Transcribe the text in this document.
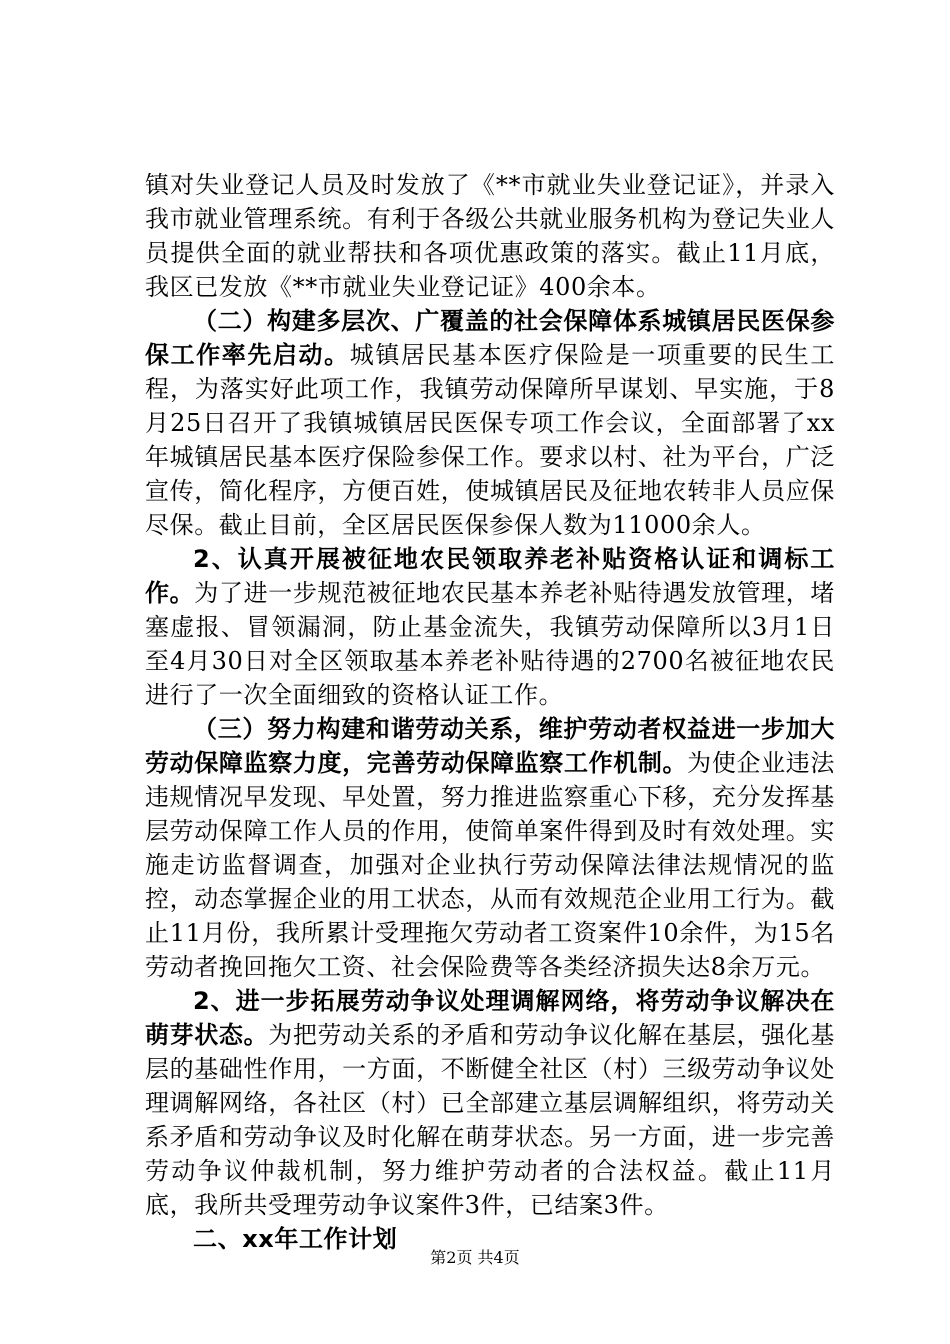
镇对失业登记人员及时发放了《**市就业失业登记证》，并录入我市就业管理系统。有利于各级公共就业服务机构为登记失业人员提供全面的就业帮扶和各项优惠政策的落实。截止11月底，我区已发放《**市就业失业登记证》400余本。

（二）构建多层次、广覆盖的社会保障体系城镇居民医保参保工作率先启动。城镇居民基本医疗保险是一项重要的民生工程，为落实好此项工作，我镇劳动保障所早谋划、早实施，于8月25日召开了我镇城镇居民医保专项工作会议，全面部署了xx年城镇居民基本医疗保险参保工作。要求以村、社为平台，广泛宣传，简化程序，方便百姓，使城镇居民及征地农转非人员应保尽保。截止目前，全区居民医保参保人数为11000余人。

2、认真开展被征地农民领取养老补贴资格认证和调标工作。为了进一步规范被征地农民基本养老补贴待遇发放管理，堵塞虚报、冒领漏洞，防止基金流失，我镇劳动保障所以3月1日至4月30日对全区领取基本养老补贴待遇的2700名被征地农民进行了一次全面细致的资格认证工作。

（三）努力构建和谐劳动关系，维护劳动者权益进一步加大劳动保障监察力度，完善劳动保障监察工作机制。为使企业违法违规情况早发现、早处置，努力推进监察重心下移，充分发挥基层劳动保障工作人员的作用，使简单案件得到及时有效处理。实施走访监督调查，加强对企业执行劳动保障法律法规情况的监控，动态掌握企业的用工状态，从而有效规范企业用工行为。截止11月份，我所累计受理拖欠劳动者工资案件10余件，为15名劳动者挽回拖欠工资、社会保险费等各类经济损失达8余万元。

2、进一步拓展劳动争议处理调解网络，将劳动争议解决在萌芽状态。为把劳动关系的矛盾和劳动争议化解在基层，强化基层的基础性作用，一方面，不断健全社区（村）三级劳动争议处理调解网络，各社区（村）已全部建立基层调解组织，将劳动关系矛盾和劳动争议及时化解在萌芽状态。另一方面，进一步完善劳动争议仲裁机制，努力维护劳动者的合法权益。截止11月底，我所共受理劳动争议案件3件，已结案3件。

二、xx年工作计划

第2页 共4页
